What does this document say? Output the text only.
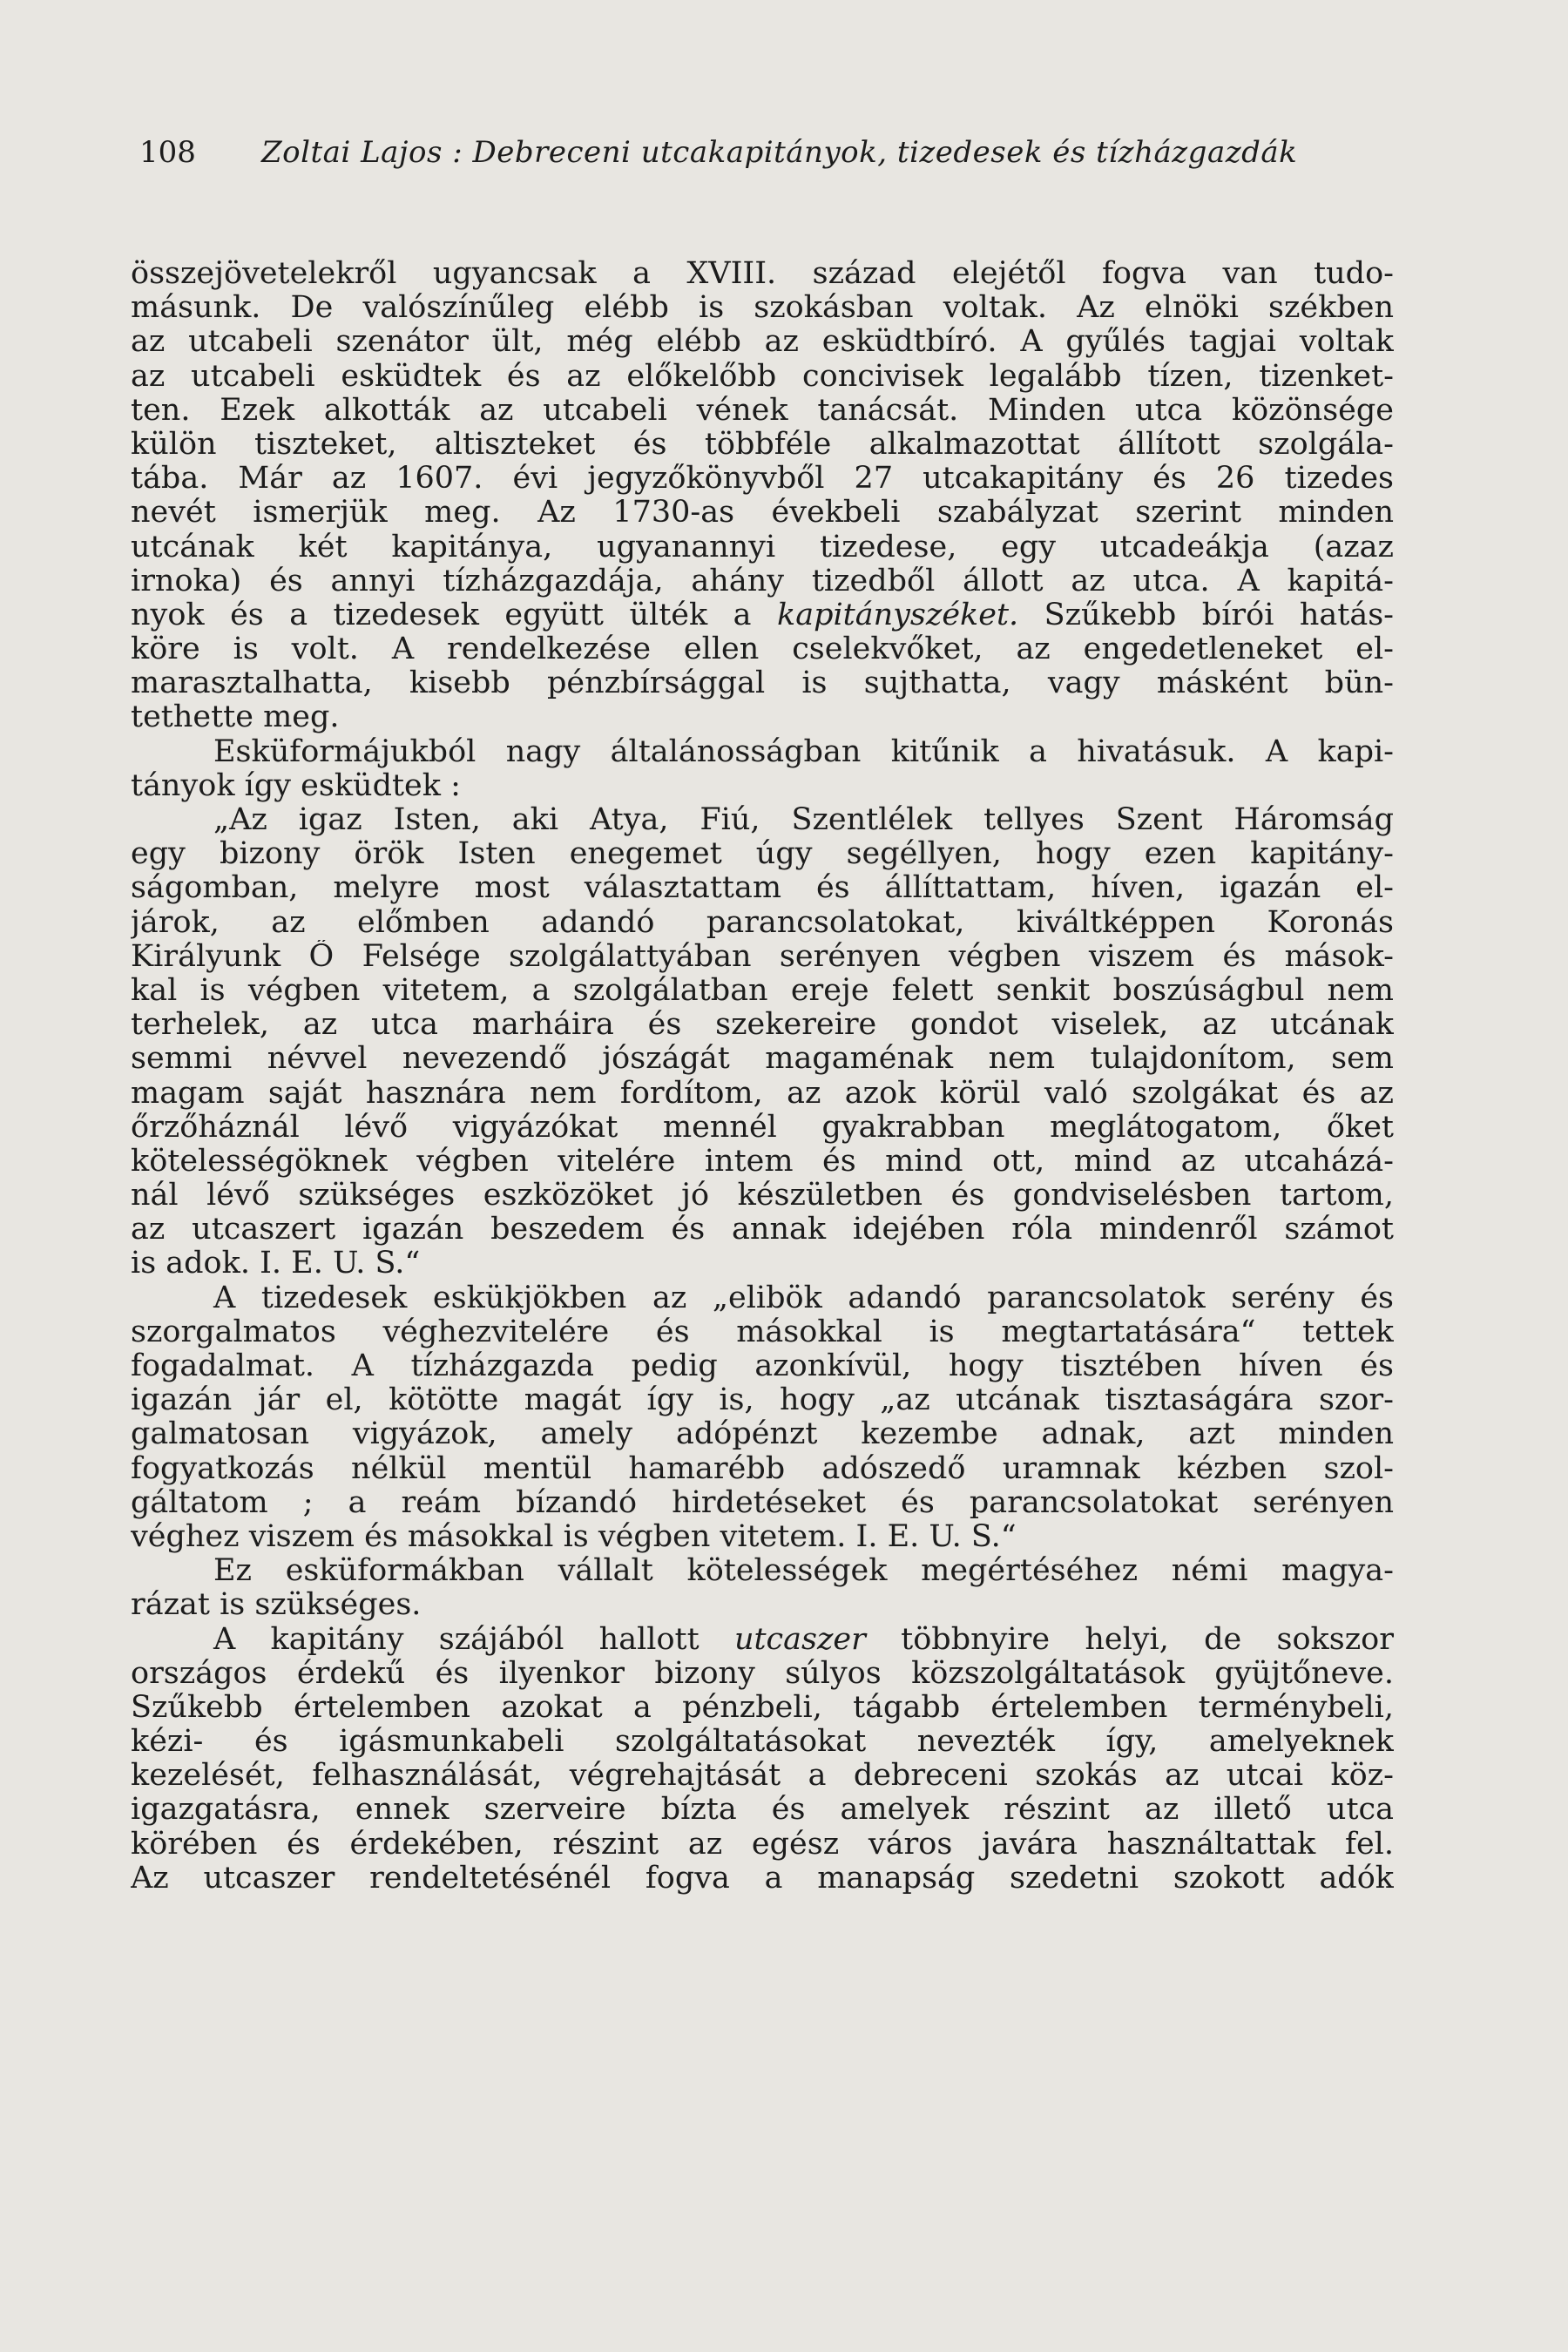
108 Zoltai Lajos : Debreceni utcakapitányok, tizedesek és tízházgazdák
összejövetelekről ugyancsak a XVIII. század elejétől fogva van tudo-
másunk. De valószínűleg elébb is szokásban voltak. Az elnöki székben
az utcabeli szenátor ült, még elébb az esküdtbíró. A gyűlés tagjai voltak
az utcabeli esküdtek és az előkelőbb concivisek legalább tízen, tizenket-
ten. Ezek alkották az utcabeli vének tanácsát. Minden utca közönsége
külön tiszteket, altiszteket és többféle alkalmazottat állított szolgála-
tába. Már az 1607. évi jegyzőkönyvből 27 utcakapitány és 26 tizedes
nevét ismerjük meg. Az 1730-as évekbeli szabályzat szerint minden
utcának két kapitánya, ugyanannyi tizedese, egy utcadeákja (azaz
irnoka) és annyi tízházgazdája, ahány tizedből állott az utca. A kapitá-
nyok és a tizedesek együtt ülték a kapitányszéket. Szűkebb bírói hatás-
köre is volt. A rendelkezése ellen cselekvőket, az engedetleneket el-
marasztalhatta, kisebb pénzbírsággal is sujthatta, vagy másként bün-
tethette meg.
Esküformájukból nagy általánosságban kitűnik a hivatásuk. A kapi-
tányok így esküdtek :
„Az igaz Isten, aki Atya, Fiú, Szentlélek tellyes Szent Háromság
egy bizony örök Isten enegemet úgy segéllyen, hogy ezen kapitány-
ságomban, melyre most választattam és állíttattam, híven, igazán el-
járok, az előmben adandó parancsolatokat, kiváltképpen Koronás
Királyunk Ő Felsége szolgálattyában serényen végben viszem és mások-
kal is végben vitetem, a szolgálatban ereje felett senkit boszúságbul nem
terhelek, az utca marháira és szekereire gondot viselek, az utcának
semmi névvel nevezendő jószágát magaménak nem tulajdonítom, sem
magam saját hasznára nem fordítom, az azok körül való szolgákat és az
őrzőháznál lévő vigyázókat mennél gyakrabban meglátogatom, őket
kötelességöknek végben vitelére intem és mind ott, mind az utcaházá-
nál lévő szükséges eszközöket jó készületben és gondviselésben tartom,
az utcaszert igazán beszedem és annak idejében róla mindenről számot
is adok. I. E. U. S.“
A tizedesek eskükjökben az „elibök adandó parancsolatok serény és
szorgalmatos véghezvitelére és másokkal is megtartatására“ tettek
fogadalmat. A tízházgazda pedig azonkívül, hogy tisztében híven és
igazán jár el, kötötte magát így is, hogy „az utcának tisztaságára szor-
galmatosan vigyázok, amely adópénzt kezembe adnak, azt minden
fogyatkozás nélkül mentül hamarébb adószedő uramnak kézben szol-
gáltatom ; a reám bízandó hirdetéseket és parancsolatokat serényen
véghez viszem és másokkal is végben vitetem. I. E. U. S.“
Ez esküformákban vállalt kötelességek megértéséhez némi magya-
rázat is szükséges.
A kapitány szájából hallott utcaszer többnyire helyi, de sokszor
országos érdekű és ilyenkor bizony súlyos közszolgáltatások gyüjtőneve.
Szűkebb értelemben azokat a pénzbeli, tágabb értelemben terménybeli,
kézi- és igásmunkabeli szolgáltatásokat nevezték így, amelyeknek
kezelését, felhasználását, végrehajtását a debreceni szokás az utcai köz-
igazgatásra, ennek szerveire bízta és amelyek részint az illető utca
körében és érdekében, részint az egész város javára használtattak fel.
Az utcaszer rendeltetésénél fogva a manapság szedetni szokott adók
